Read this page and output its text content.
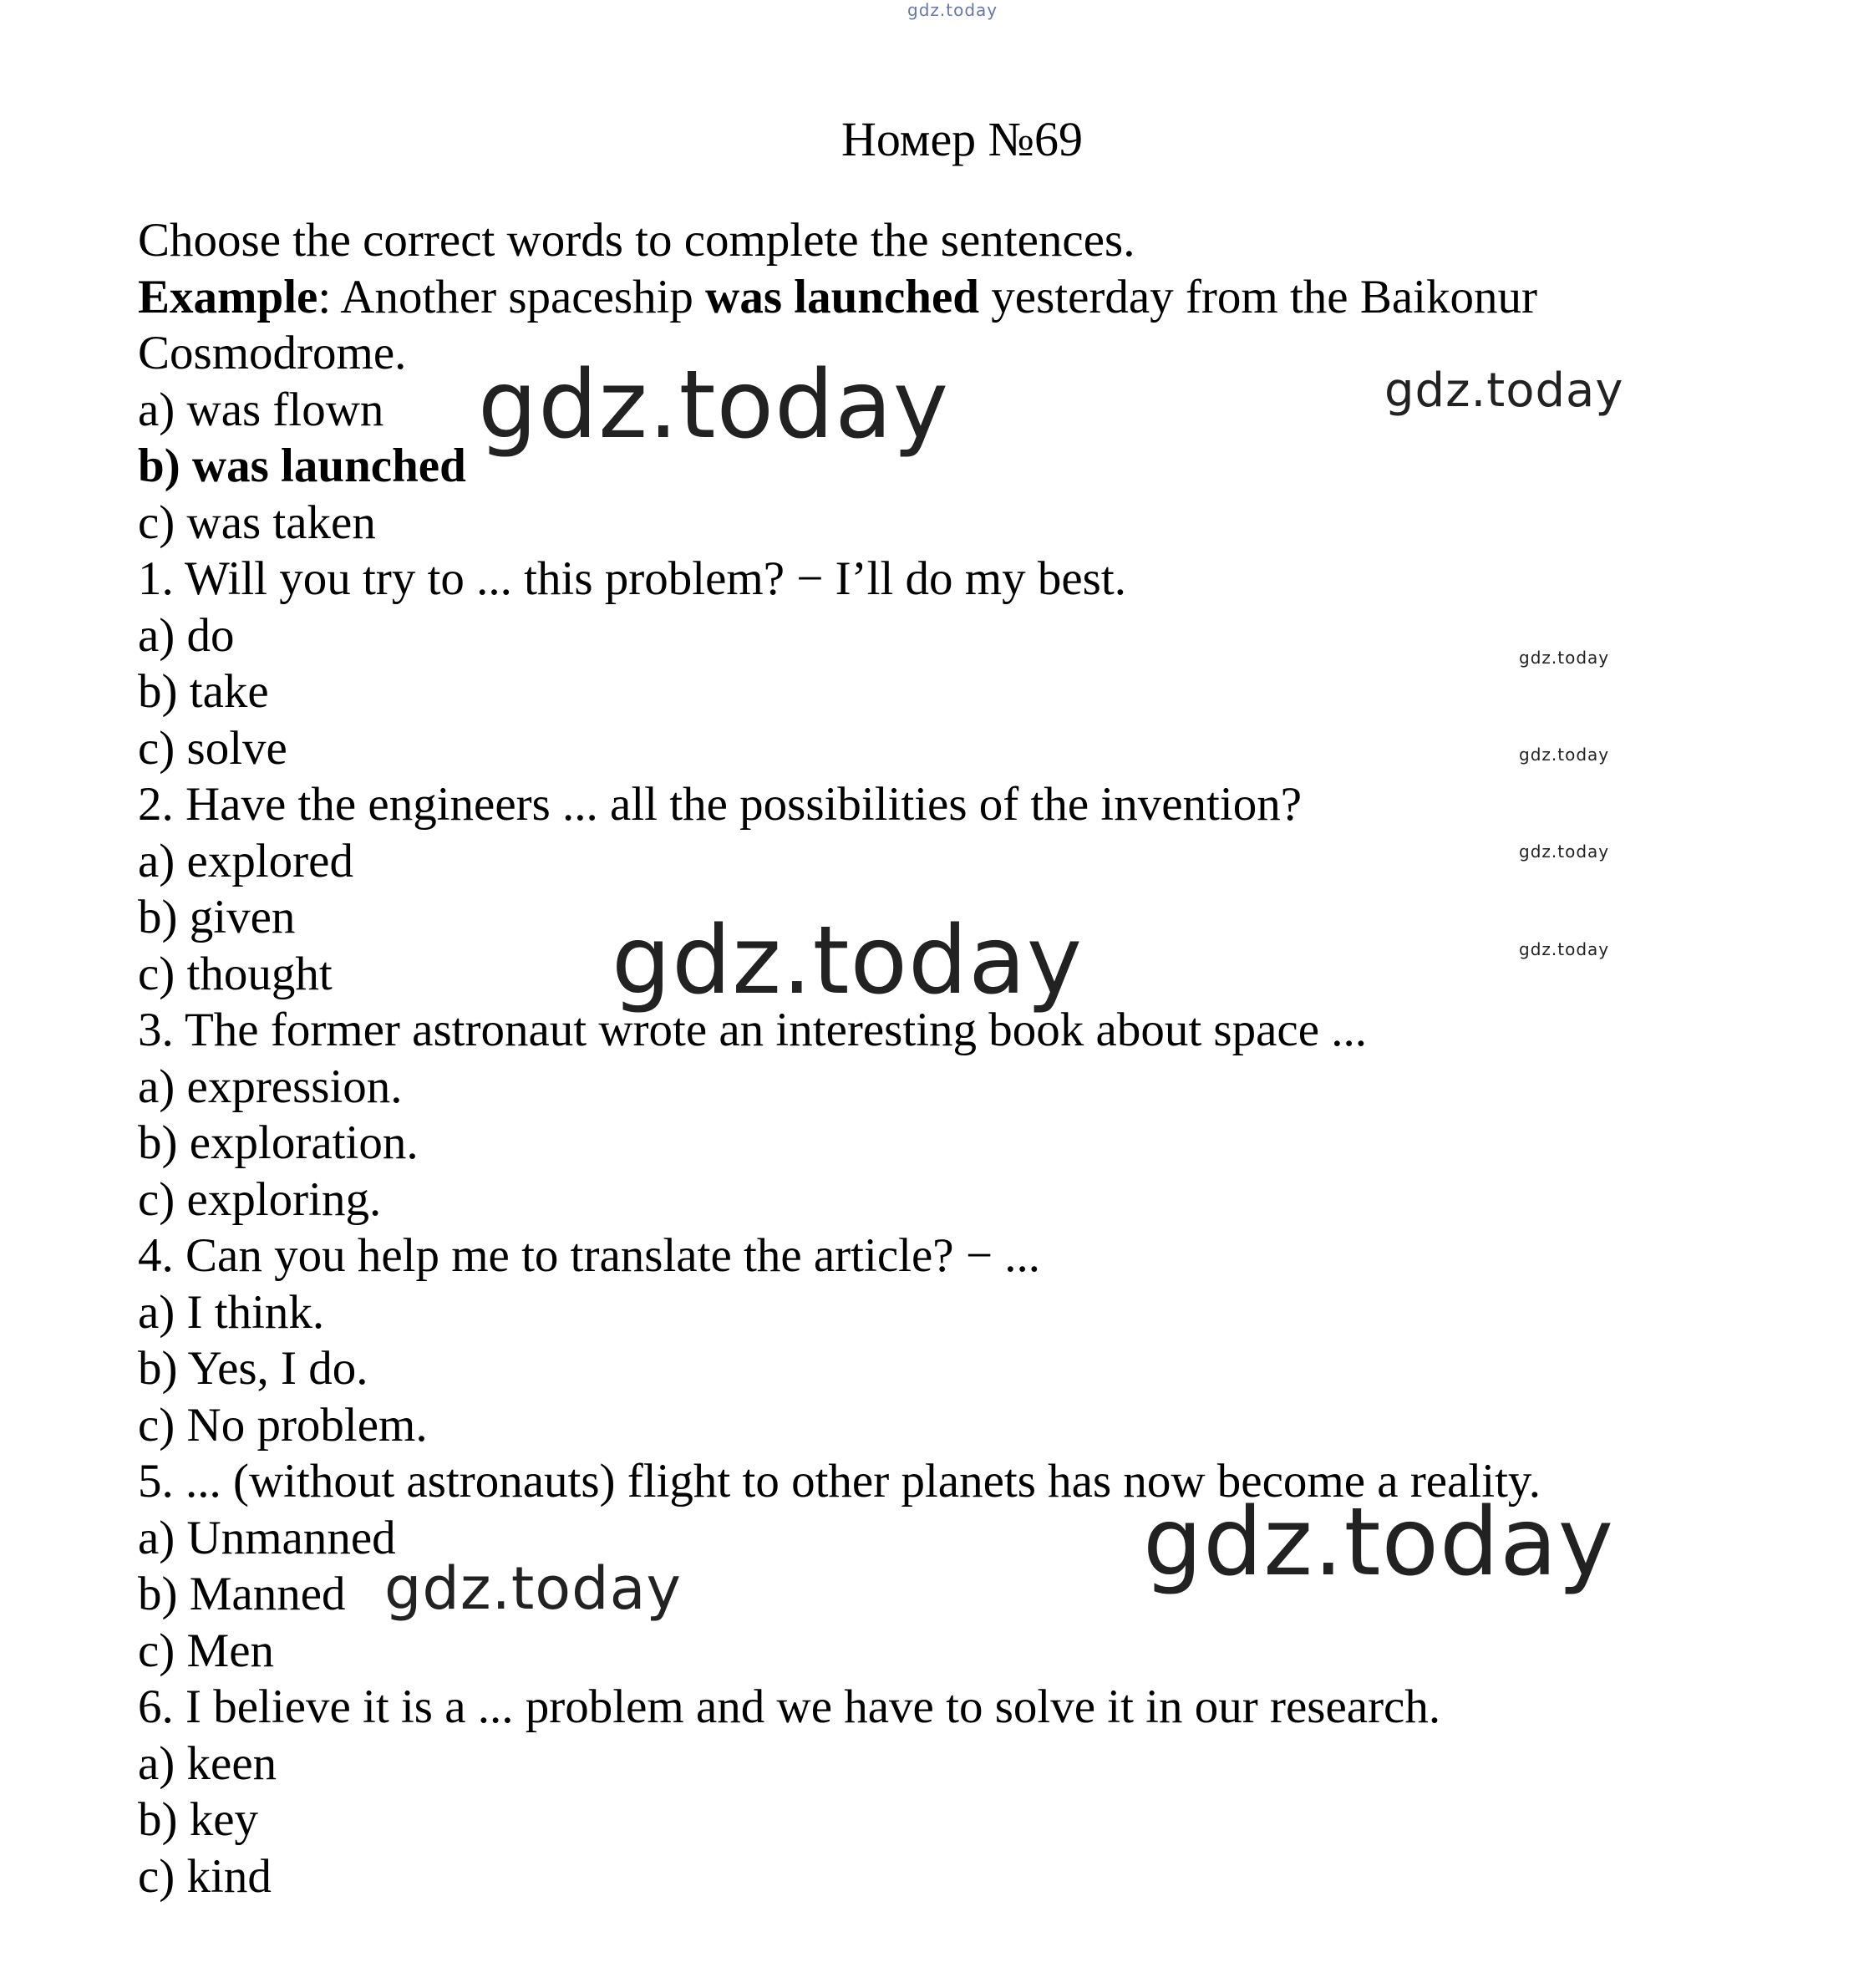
gdz.today
gdz.today	gdz.today
gdz.today
gdz.today
gdz.today
gdz.today
gdz.today
gdz.today
gdz.today
Номер №69
Choose the correct words to complete the sentences.
Example: Another spaceship was launched yesterday from the Baikonur
Cosmodrome.
a) was flown
b) was launched
c) was taken
1. Will you try to ... this problem? − I’ll do my best.
a) do
b) take
c) solve
2. Have the engineers ... all the possibilities of the invention?
a) explored
b) given
c) thought
3. The former astronaut wrote an interesting book about space ...
a) expression.
b) exploration.
c) exploring.
4. Can you help me to translate the article? − ...
a) I think.
b) Yes, I do.
c) No problem.
5. ... (without astronauts) flight to other planets has now become a reality.
a) Unmanned
b) Manned
c) Men
6. I believe it is a ... problem and we have to solve it in our research.
a) keen
b) key
c) kind
